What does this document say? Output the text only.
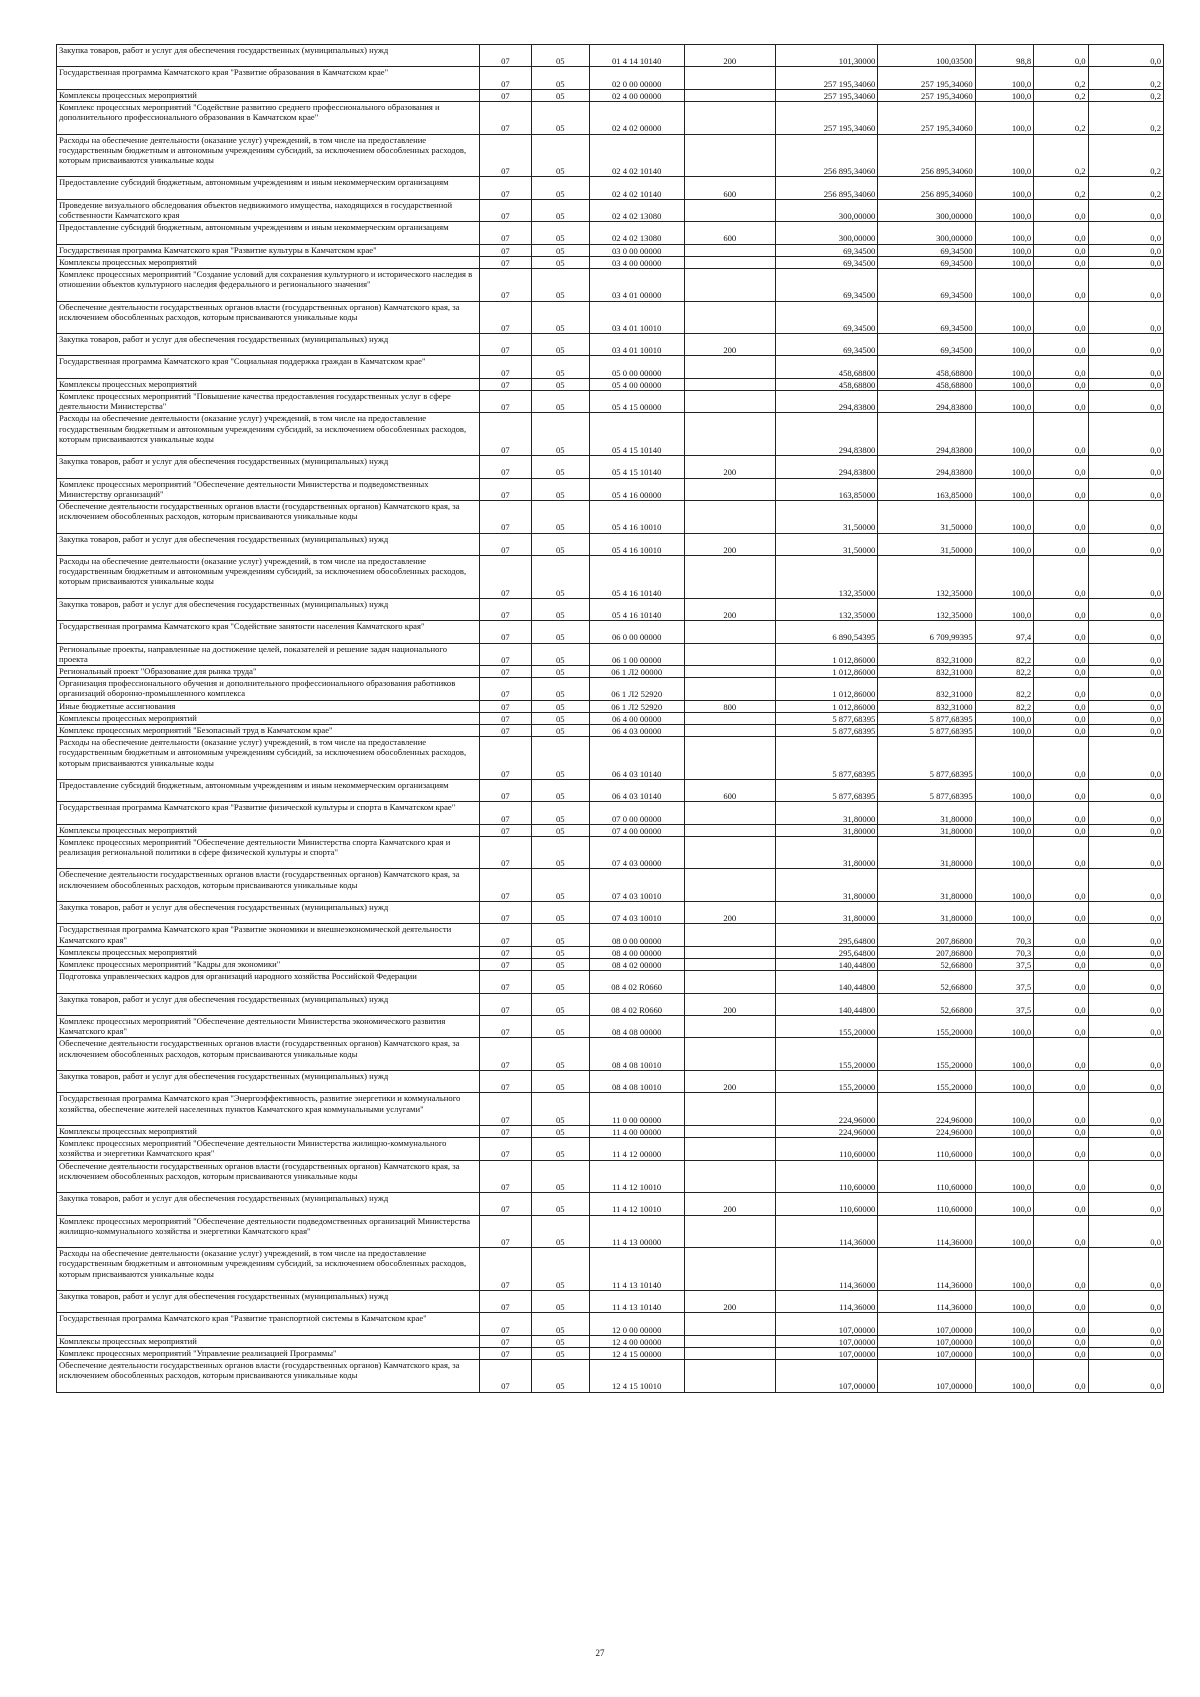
Закупка товаров, работ и услуг для обеспечения государственных (муниципальных) нужд	07	05	01 4 14 10140	200	101,30000	100,03500	98,8	0,0	0,0
Государственная программа Камчатского края "Развитие образования в Камчатском крае"	07	05	02 0 00 00000		257 195,34060	257 195,34060	100,0	0,2	0,2
Комплексы процессных мероприятий	07	05	02 4 00 00000		257 195,34060	257 195,34060	100,0	0,2	0,2
Комплекс процессных мероприятий "Содействие развитию среднего профессионального образования и дополнительного профессионального образования в Камчатском крае"	07	05	02 4 02 00000		257 195,34060	257 195,34060	100,0	0,2	0,2
Расходы на обеспечение деятельности (оказание услуг) учреждений, в том числе на предоставление государственным бюджетным и автономным учреждениям субсидий, за исключением обособленных расходов, которым присваиваются уникальные коды	07	05	02 4 02 10140		256 895,34060	256 895,34060	100,0	0,2	0,2
Предоставление субсидий бюджетным, автономным учреждениям и иным некоммерческим организациям	07	05	02 4 02 10140	600	256 895,34060	256 895,34060	100,0	0,2	0,2
Проведение визуального обследования объектов недвижимого имущества, находящихся в государственной собственности Камчатского края	07	05	02 4 02 13080		300,00000	300,00000	100,0	0,0	0,0
Предоставление субсидий бюджетным, автономным учреждениям и иным некоммерческим организациям	07	05	02 4 02 13080	600	300,00000	300,00000	100,0	0,0	0,0
Государственная программа Камчатского края "Развитие культуры в Камчатском крае"	07	05	03 0 00 00000		69,34500	69,34500	100,0	0,0	0,0
Комплексы процессных мероприятий	07	05	03 4 00 00000		69,34500	69,34500	100,0	0,0	0,0
Комплекс процессных мероприятий "Создание условий для сохранения культурного и исторического наследия в отношении объектов культурного наследия федерального и регионального значения"	07	05	03 4 01 00000		69,34500	69,34500	100,0	0,0	0,0
Обеспечение деятельности государственных органов власти (государственных органов) Камчатского края, за исключением обособленных расходов, которым присваиваются уникальные коды	07	05	03 4 01 10010		69,34500	69,34500	100,0	0,0	0,0
Закупка товаров, работ и услуг для обеспечения государственных (муниципальных) нужд	07	05	03 4 01 10010	200	69,34500	69,34500	100,0	0,0	0,0
Государственная программа Камчатского края "Социальная поддержка граждан в Камчатском крае"	07	05	05 0 00 00000		458,68800	458,68800	100,0	0,0	0,0
Комплексы процессных мероприятий	07	05	05 4 00 00000		458,68800	458,68800	100,0	0,0	0,0
Комплекс процессных мероприятий "Повышение качества предоставления государственных услуг в сфере деятельности Министерства"	07	05	05 4 15 00000		294,83800	294,83800	100,0	0,0	0,0
Расходы на обеспечение деятельности (оказание услуг) учреждений, в том числе на предоставление государственным бюджетным и автономным учреждениям субсидий, за исключением обособленных расходов, которым присваиваются уникальные коды	07	05	05 4 15 10140		294,83800	294,83800	100,0	0,0	0,0
Закупка товаров, работ и услуг для обеспечения государственных (муниципальных) нужд	07	05	05 4 15 10140	200	294,83800	294,83800	100,0	0,0	0,0
Комплекс процессных мероприятий "Обеспечение деятельности Министерства и подведомственных Министерству организаций"	07	05	05 4 16 00000		163,85000	163,85000	100,0	0,0	0,0
Обеспечение деятельности государственных органов власти (государственных органов) Камчатского края, за исключением обособленных расходов, которым присваиваются уникальные коды	07	05	05 4 16 10010		31,50000	31,50000	100,0	0,0	0,0
Закупка товаров, работ и услуг для обеспечения государственных (муниципальных) нужд	07	05	05 4 16 10010	200	31,50000	31,50000	100,0	0,0	0,0
Расходы на обеспечение деятельности (оказание услуг) учреждений, в том числе на предоставление государственным бюджетным и автономным учреждениям субсидий, за исключением обособленных расходов, которым присваиваются уникальные коды	07	05	05 4 16 10140		132,35000	132,35000	100,0	0,0	0,0
Закупка товаров, работ и услуг для обеспечения государственных (муниципальных) нужд	07	05	05 4 16 10140	200	132,35000	132,35000	100,0	0,0	0,0
Государственная программа Камчатского края "Содействие занятости населения Камчатского края"	07	05	06 0 00 00000		6 890,54395	6 709,99395	97,4	0,0	0,0
Региональные проекты, направленные на достижение целей, показателей и решение задач национального проекта	07	05	06 1 00 00000		1 012,86000	832,31000	82,2	0,0	0,0
Региональный проект "Образование для рынка труда"	07	05	06 1 Л2 00000		1 012,86000	832,31000	82,2	0,0	0,0
Организация профессионального обучения и дополнительного профессионального образования работников организаций оборонно-промышленного комплекса	07	05	06 1 Л2 52920		1 012,86000	832,31000	82,2	0,0	0,0
Иные бюджетные ассигнования	07	05	06 1 Л2 52920	800	1 012,86000	832,31000	82,2	0,0	0,0
Комплексы процессных мероприятий	07	05	06 4 00 00000		5 877,68395	5 877,68395	100,0	0,0	0,0
Комплекс процессных мероприятий "Безопасный труд в Камчатском крае"	07	05	06 4 03 00000		5 877,68395	5 877,68395	100,0	0,0	0,0
Расходы на обеспечение деятельности (оказание услуг) учреждений, в том числе на предоставление государственным бюджетным и автономным учреждениям субсидий, за исключением обособленных расходов, которым присваиваются уникальные коды	07	05	06 4 03 10140		5 877,68395	5 877,68395	100,0	0,0	0,0
Предоставление субсидий бюджетным, автономным учреждениям и иным некоммерческим организациям	07	05	06 4 03 10140	600	5 877,68395	5 877,68395	100,0	0,0	0,0
Государственная программа Камчатского края "Развитие физической культуры и спорта в Камчатском крае"	07	05	07 0 00 00000		31,80000	31,80000	100,0	0,0	0,0
Комплексы процессных мероприятий	07	05	07 4 00 00000		31,80000	31,80000	100,0	0,0	0,0
Комплекс процессных мероприятий "Обеспечение деятельности Министерства спорта Камчатского края и реализация региональной политики в сфере физической культуры и спорта"	07	05	07 4 03 00000		31,80000	31,80000	100,0	0,0	0,0
Обеспечение деятельности государственных органов власти (государственных органов) Камчатского края, за исключением обособленных расходов, которым присваиваются уникальные коды	07	05	07 4 03 10010		31,80000	31,80000	100,0	0,0	0,0
Закупка товаров, работ и услуг для обеспечения государственных (муниципальных) нужд	07	05	07 4 03 10010	200	31,80000	31,80000	100,0	0,0	0,0
Государственная программа Камчатского края "Развитие экономики и внешнеэкономической деятельности Камчатского края"	07	05	08 0 00 00000		295,64800	207,86800	70,3	0,0	0,0
Комплексы процессных мероприятий	07	05	08 4 00 00000		295,64800	207,86800	70,3	0,0	0,0
Комплекс процессных мероприятий "Кадры для экономики"	07	05	08 4 02 00000		140,44800	52,66800	37,5	0,0	0,0
Подготовка управленческих кадров для организаций народного хозяйства Российской Федерации	07	05	08 4 02 R0660		140,44800	52,66800	37,5	0,0	0,0
Закупка товаров, работ и услуг для обеспечения государственных (муниципальных) нужд	07	05	08 4 02 R0660	200	140,44800	52,66800	37,5	0,0	0,0
Комплекс процессных мероприятий "Обеспечение деятельности Министерства экономического развития Камчатского края"	07	05	08 4 08 00000		155,20000	155,20000	100,0	0,0	0,0
Обеспечение деятельности государственных органов власти (государственных органов) Камчатского края, за исключением обособленных расходов, которым присваиваются уникальные коды	07	05	08 4 08 10010		155,20000	155,20000	100,0	0,0	0,0
Закупка товаров, работ и услуг для обеспечения государственных (муниципальных) нужд	07	05	08 4 08 10010	200	155,20000	155,20000	100,0	0,0	0,0
Государственная программа Камчатского края "Энергоэффективность, развитие энергетики и коммунального хозяйства, обеспечение жителей населенных пунктов Камчатского края коммунальными услугами"	07	05	11 0 00 00000		224,96000	224,96000	100,0	0,0	0,0
Комплексы процессных мероприятий	07	05	11 4 00 00000		224,96000	224,96000	100,0	0,0	0,0
Комплекс процессных мероприятий "Обеспечение деятельности Министерства жилищно-коммунального хозяйства и энергетики Камчатского края"	07	05	11 4 12 00000		110,60000	110,60000	100,0	0,0	0,0
Обеспечение деятельности государственных органов власти (государственных органов) Камчатского края, за исключением обособленных расходов, которым присваиваются уникальные коды	07	05	11 4 12 10010		110,60000	110,60000	100,0	0,0	0,0
Закупка товаров, работ и услуг для обеспечения государственных (муниципальных) нужд	07	05	11 4 12 10010	200	110,60000	110,60000	100,0	0,0	0,0
Комплекс процессных мероприятий "Обеспечение деятельности подведомственных организаций Министерства жилищно-коммунального хозяйства и энергетики Камчатского края"	07	05	11 4 13 00000		114,36000	114,36000	100,0	0,0	0,0
Расходы на обеспечение деятельности (оказание услуг) учреждений, в том числе на предоставление государственным бюджетным и автономным учреждениям субсидий, за исключением обособленных расходов, которым присваиваются уникальные коды	07	05	11 4 13 10140		114,36000	114,36000	100,0	0,0	0,0
Закупка товаров, работ и услуг для обеспечения государственных (муниципальных) нужд	07	05	11 4 13 10140	200	114,36000	114,36000	100,0	0,0	0,0
Государственная программа Камчатского края "Развитие транспортной системы в Камчатском крае"	07	05	12 0 00 00000		107,00000	107,00000	100,0	0,0	0,0
Комплексы процессных мероприятий	07	05	12 4 00 00000		107,00000	107,00000	100,0	0,0	0,0
Комплекс процессных мероприятий "Управление реализацией Программы"	07	05	12 4 15 00000		107,00000	107,00000	100,0	0,0	0,0
Обеспечение деятельности государственных органов власти (государственных органов) Камчатского края, за исключением обособленных расходов, которым присваиваются уникальные коды	07	05	12 4 15 10010		107,00000	107,00000	100,0	0,0	0,0
27
